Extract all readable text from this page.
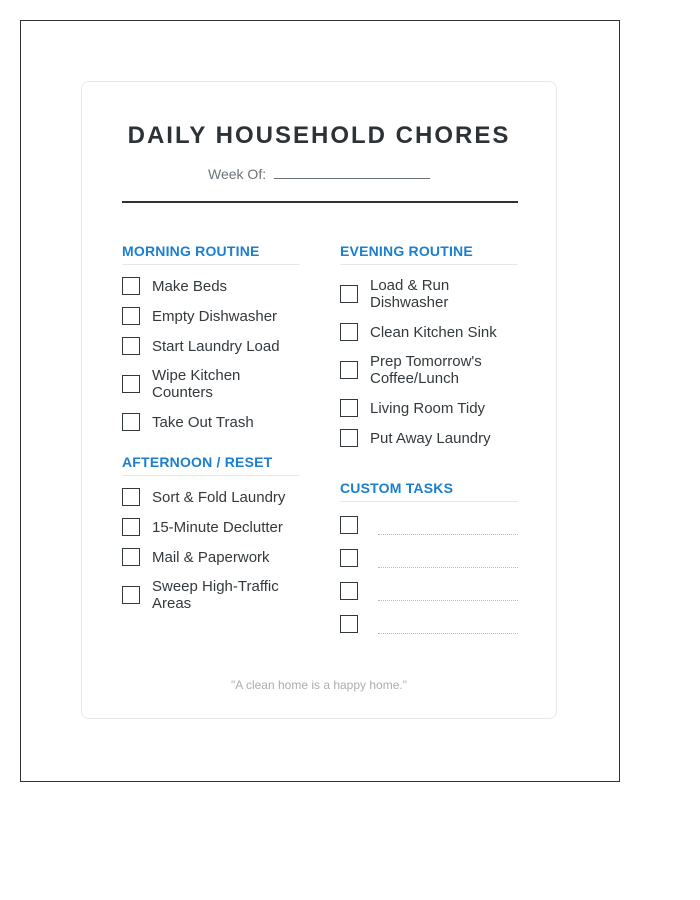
DAILY HOUSEHOLD CHORES
Week Of:
MORNING ROUTINE
Make Beds
Empty Dishwasher
Start Laundry Load
Wipe Kitchen Counters
Take Out Trash
AFTERNOON / RESET
Sort & Fold Laundry
15-Minute Declutter
Mail & Paperwork
Sweep High-Traffic Areas
EVENING ROUTINE
Load & Run Dishwasher
Clean Kitchen Sink
Prep Tomorrow's Coffee/Lunch
Living Room Tidy
Put Away Laundry
CUSTOM TASKS
"A clean home is a happy home."
